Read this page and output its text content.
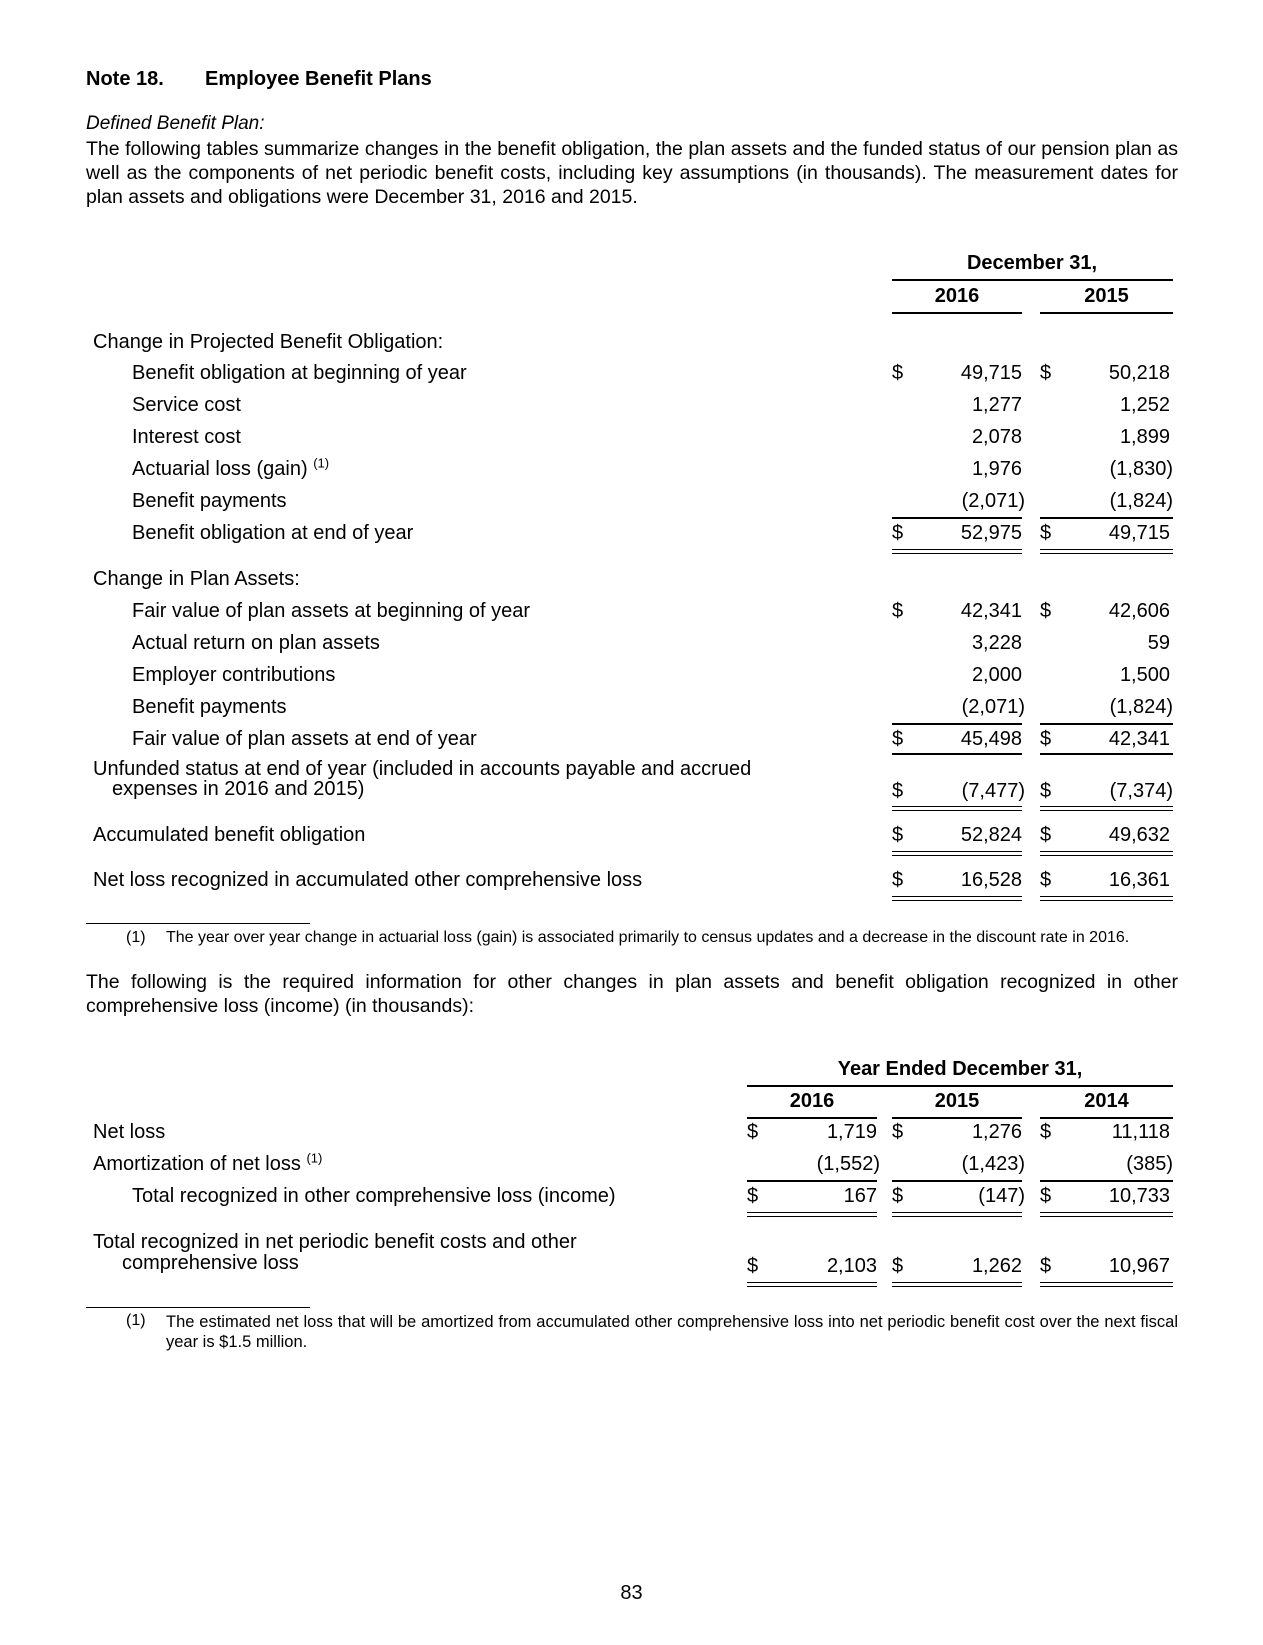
Note 18. Employee Benefit Plans
Defined Benefit Plan:
The following tables summarize changes in the benefit obligation, the plan assets and the funded status of our pension plan as well as the components of net periodic benefit costs, including key assumptions (in thousands). The measurement dates for plan assets and obligations were December 31, 2016 and 2015.
December 31,
2016	2015
Change in Projected Benefit Obligation:
Benefit obligation at beginning of year	$	49,715 $	50,218
Service cost	1,277	1,252
Interest cost	2,078	1,899
Actuarial loss (gain) $^{(1)}$	1,976	(1,830)
Benefit payments	(2,071)	(1,824)
Benefit obligation at end of year	$	52,975 $	49,715
Change in Plan Assets:
Fair value of plan assets at beginning of year	$	42,341 $	42,606
Actual return on plan assets	3,228	59
Employer contributions	2,000	1,500
Benefit payments	(2,071)	(1,824)
Fair value of plan assets at end of year	$	45,498 $	42,341
Unfunded status at end of year (included in accounts payable and accrued
expenses in 2016 and 2015)	$	(7,477) $	(7,374)
Accumulated benefit obligation	$	52,824 $	49,632
Net loss recognized in accumulated other comprehensive loss	$	16,528 $	16,361
(1) The year over year change in actuarial loss (gain) is associated primarily to census updates and a decrease in the discount rate in 2016.
The following is the required information for other changes in plan assets and benefit obligation recognized in other comprehensive loss (income) (in thousands):
Year Ended December 31,
2016	2015	2014
Net loss	$	1,719 $	1,276 $	11,118
Amortization of net loss $^{(1)}$	(1,552)	(1,423)	(385)
Total recognized in other comprehensive loss (income)	$	167 $	(147) $	10,733
Total recognized in net periodic benefit costs and other
comprehensive loss	$	2,103 $	1,262 $	10,967
(1) The estimated net loss that will be amortized from accumulated other comprehensive loss into net periodic benefit cost over the next fiscal year is $1.5 million.
83
